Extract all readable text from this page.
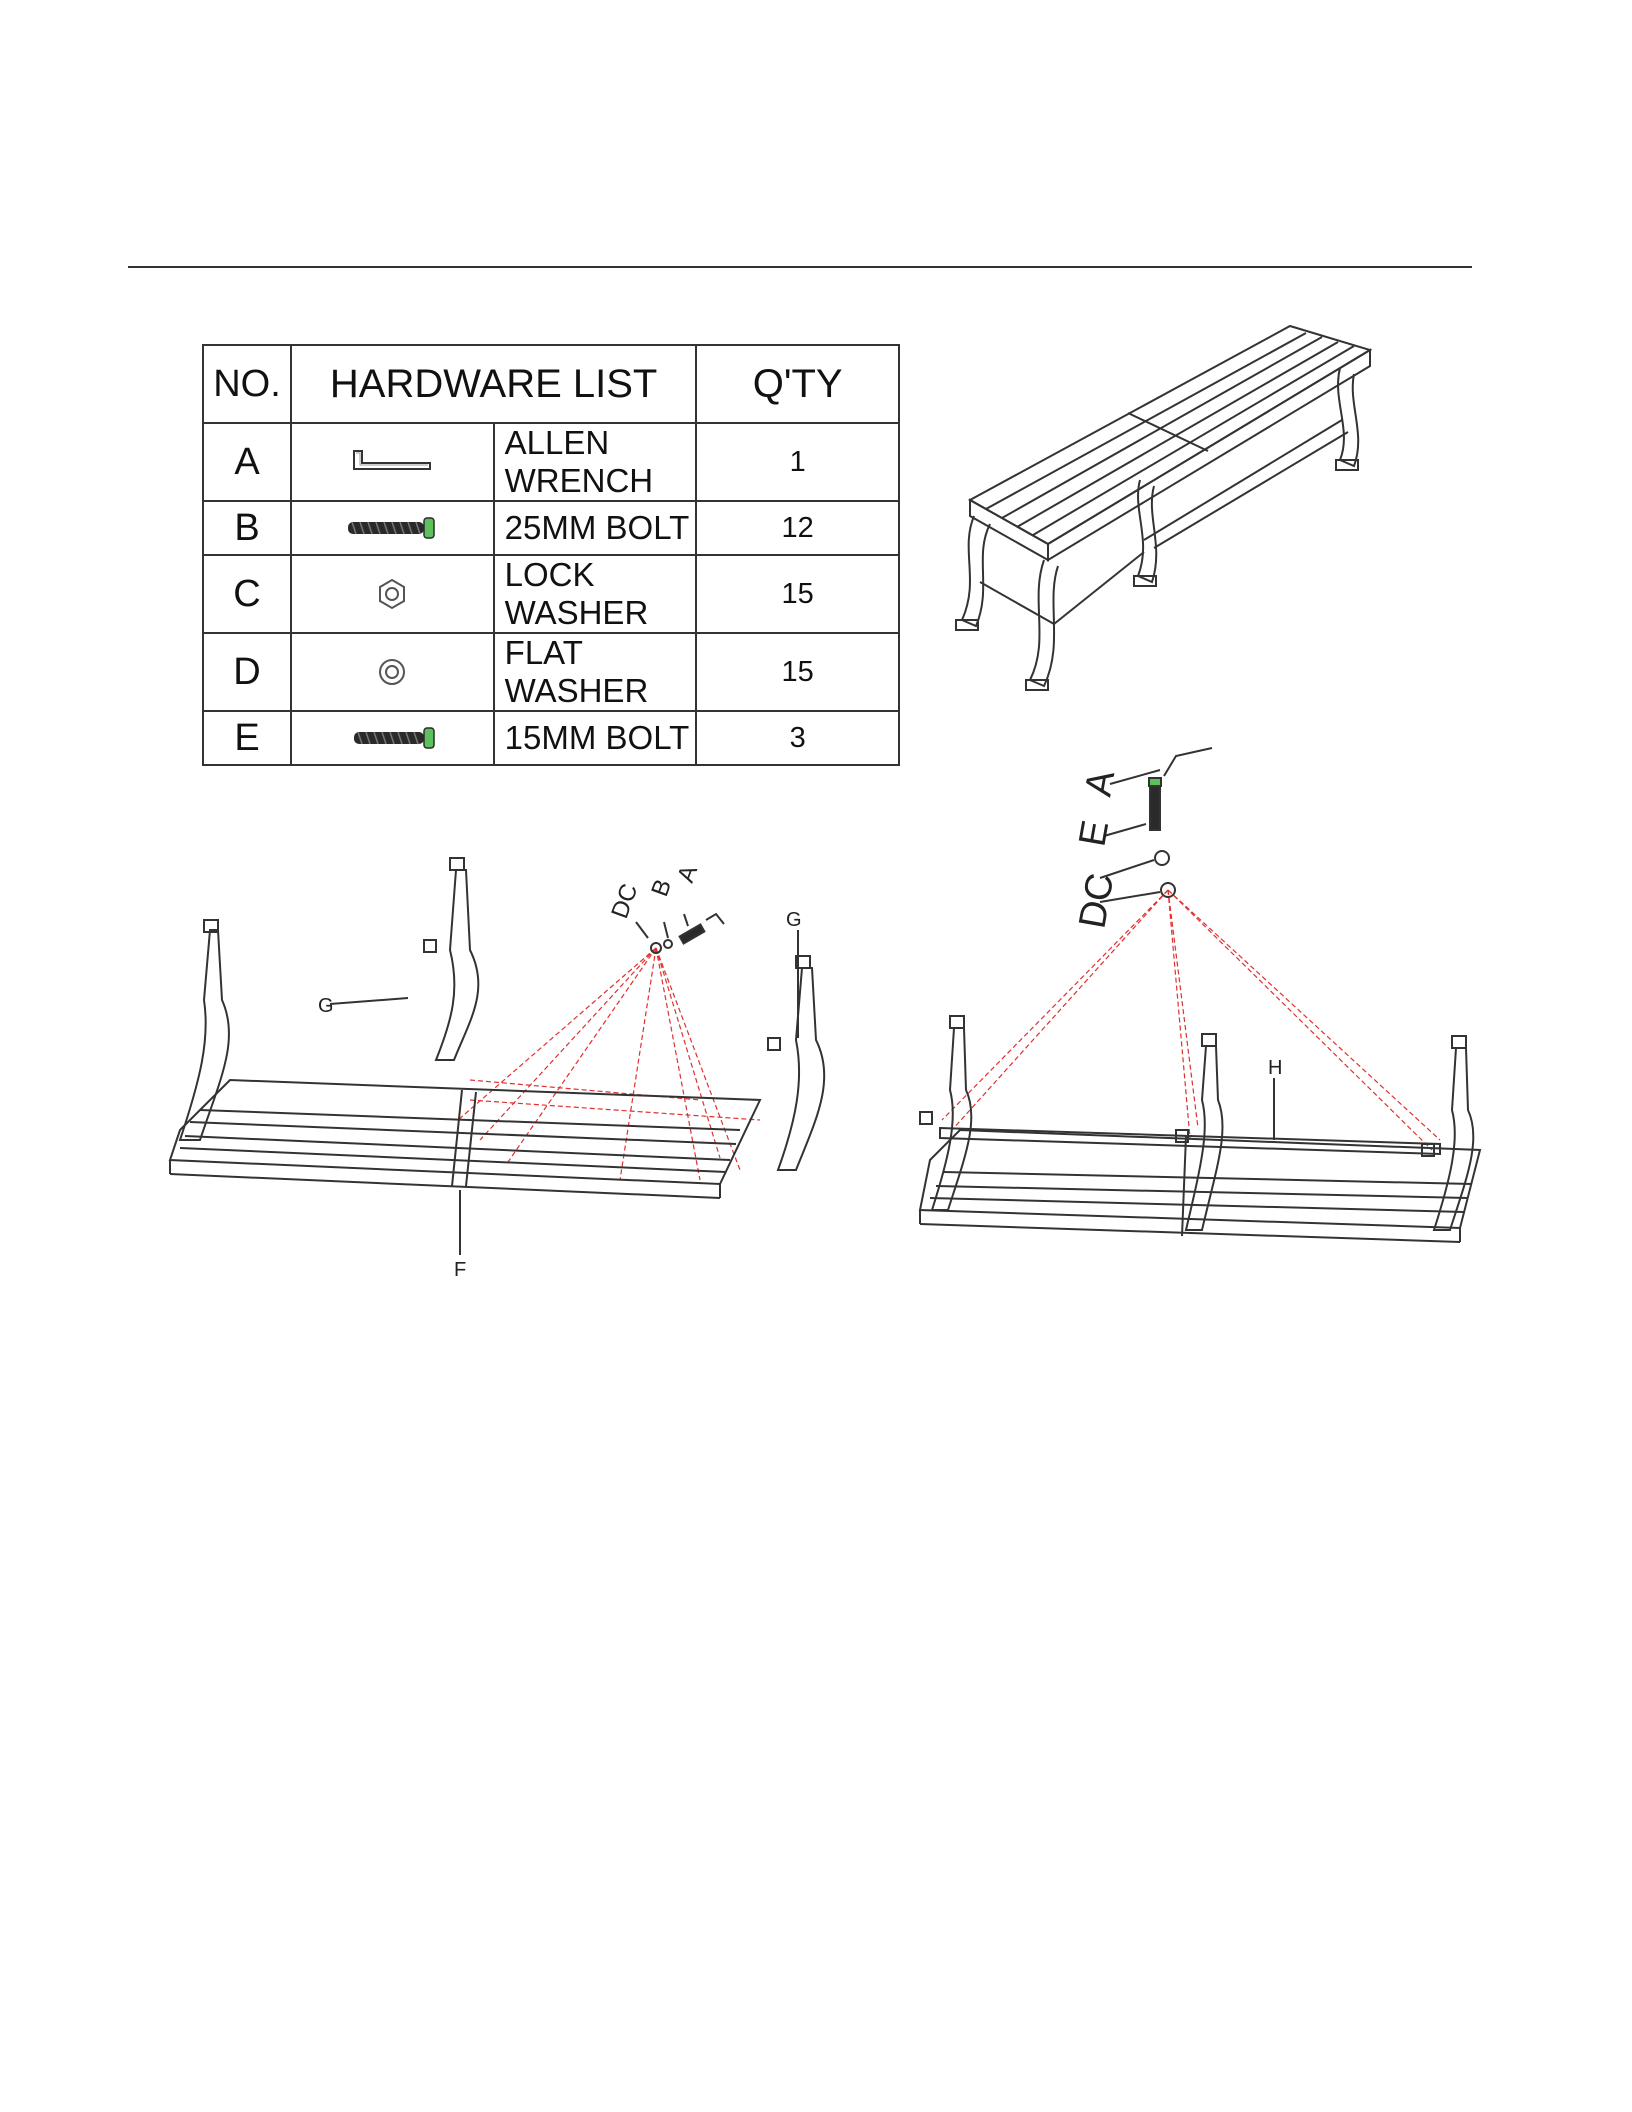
NO.	HARDWARE LIST		Q'TY
A		ALLEN WRENCH	1
B		25MM BOLT	12
C		LOCK WASHER	15
D		FLAT WASHER	15
E		15MM BOLT	3
DC B
A
G
G
F
DC
E
A
H
